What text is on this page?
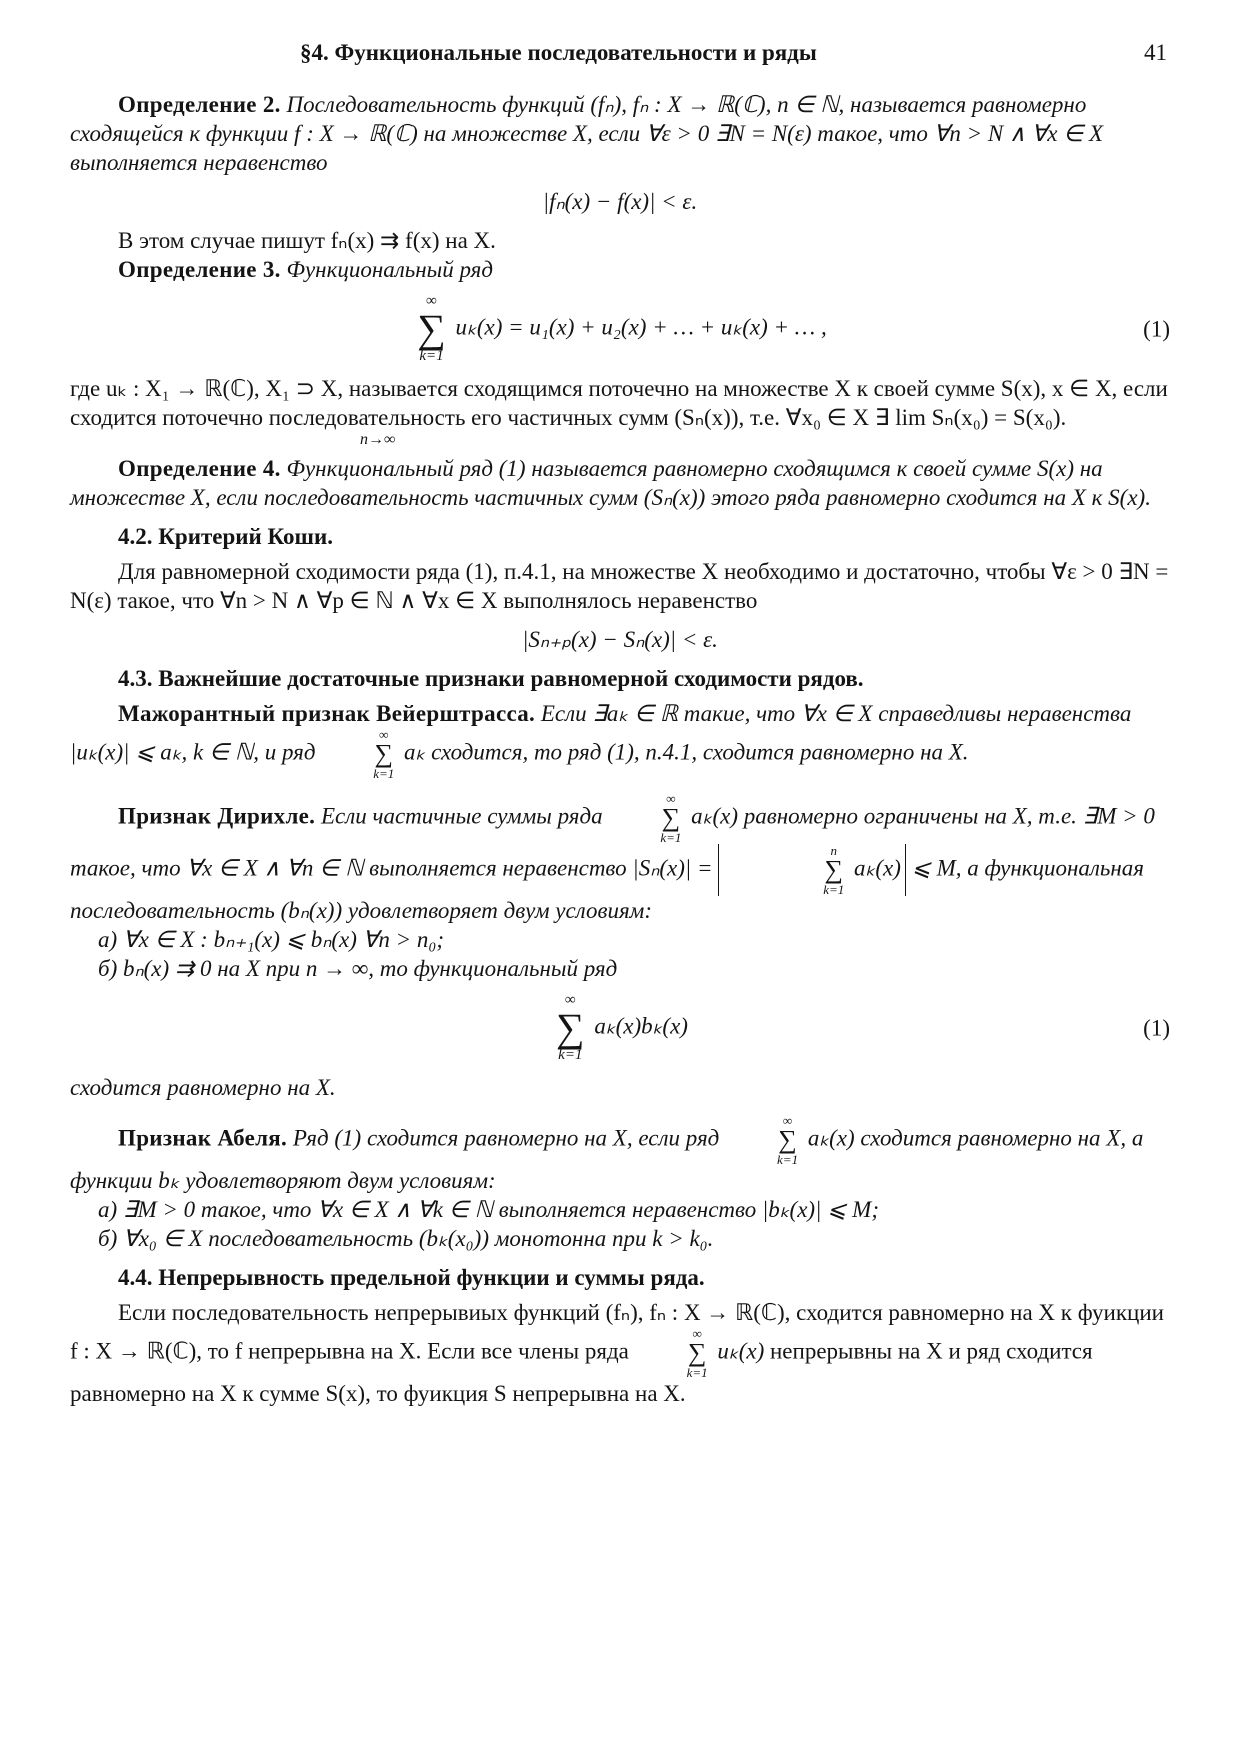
§4. Функциональные последовательности и ряды	41

Определение 2. Последовательность функций (fₙ), fₙ : X → ℝ(ℂ), n ∈ ℕ, называется равномерно сходящейся к функции f : X → ℝ(ℂ) на множестве X, если ∀ε > 0 ∃N = N(ε) такое, что ∀n > N ∧ ∀x ∈ X выполняется неравенство

|fₙ(x) − f(x)| < ε.

В этом случае пишут fₙ(x) ⇉ f(x) на X.

Определение 3. Функциональный ряд

∞
∑
k=1
uₖ(x) = u₁(x) + u₂(x) + … + uₖ(x) + … ,	(1)

где uₖ : X₁ → ℝ(ℂ), X₁ ⊃ X, называется сходящимся поточечно на множестве X к своей сумме S(x), x ∈ X, если сходится поточечно последовательность его частичных сумм (Sₙ(x)), т.е. ∀x₀ ∈ X ∃ lim Sₙ(x₀) = S(x₀).

n→∞

Определение 4. Функциональный ряд (1) называется равномерно сходящимся к своей сумме S(x) на множестве X, если последовательность частичных сумм (Sₙ(x)) этого ряда равномерно сходится на X к S(x).

4.2. Критерий Коши.

Для равномерной сходимости ряда (1), п.4.1, на множестве X необходимо и достаточно, чтобы ∀ε > 0 ∃N = N(ε) такое, что ∀n > N ∧ ∀p ∈ ℕ ∧ ∀x ∈ X выполнялось неравенство

|Sₙ₊ₚ(x) − Sₙ(x)| < ε.
4.3. Важнейшие достаточные признаки равномерной сходимости рядов.

Мажорантный признак Вейерштрасса. Если ∃aₖ ∈ ℝ такие, что ∀x ∈ X справедливы неравенства |uₖ(x)| ⩽ aₖ, k ∈ ℕ, и ряд
∞
∑
k=1
aₖ сходится, то ряд (1), п.4.1, сходится равномерно на X.

Признак Дирихле. Если частичные суммы ряда
∞
∑
k=1
aₖ(x) равномерно ограничены на X, т.е. ∃M > 0 такое, что ∀x ∈ X ∧ ∀n ∈ ℕ выполняется неравенство |Sₙ(x)| =
n
∑
k=1
aₖ(x) ⩽ M, а функциональная последовательность (bₙ(x)) удовлетворяет двум условиям:

а) ∀x ∈ X : bₙ₊₁(x) ⩽ bₙ(x) ∀n > n₀;

б) bₙ(x) ⇉ 0 на X при n → ∞, то функциональный ряд

∞
∑
k=1
aₖ(x)bₖ(x)	(1)

сходится равномерно на X.

Признак Абеля. Ряд (1) сходится равномерно на X, если ряд
∞
∑
k=1
aₖ(x) сходится равномерно на X, а функции bₖ удовлетворяют двум условиям:

а) ∃M > 0 такое, что ∀x ∈ X ∧ ∀k ∈ ℕ выполняется неравенство |bₖ(x)| ⩽ M;

б) ∀x₀ ∈ X последовательность (bₖ(x₀)) монотонна при k > k₀.

4.4. Непрерывность предельной функции и суммы ряда.

Если последовательность непрерывиых функций (fₙ), fₙ : X → ℝ(ℂ), сходится равномерно на X к фуикции f : X → ℝ(ℂ), то f непрерывна на X. Если все члены ряда
∞
∑
k=1
uₖ(x) непрерывны на X и ряд сходится равномерно на X к сумме S(x), то фуикция S непрерывна на X.
